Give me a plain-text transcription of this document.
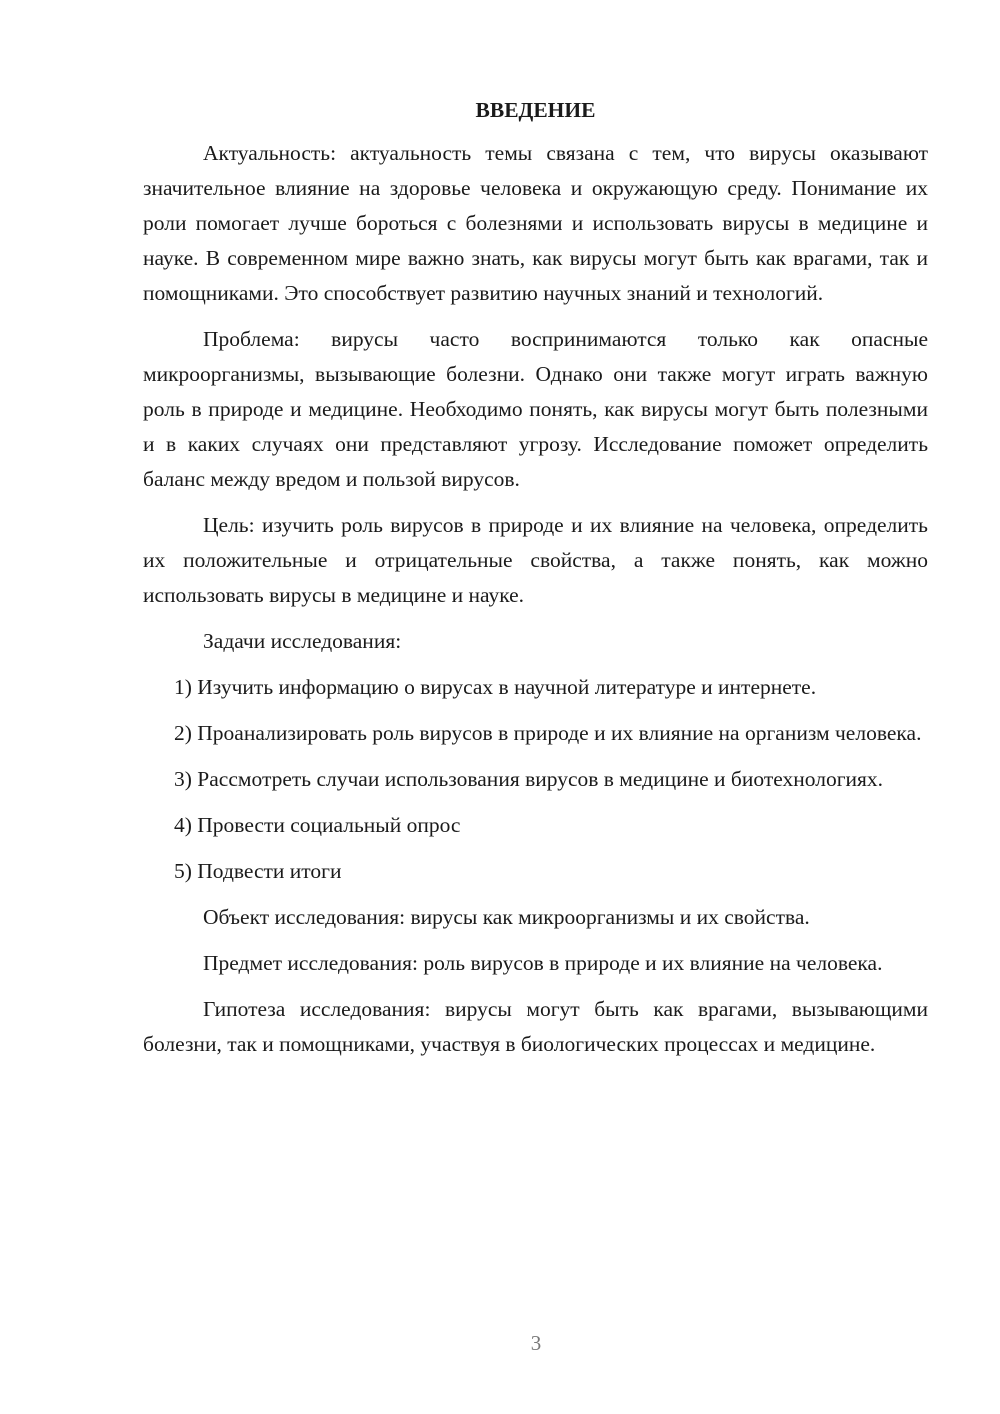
ВВЕДЕНИЕ

Актуальность: актуальность темы связана с тем, что вирусы оказывают значительное влияние на здоровье человека и окружающую среду. Понимание их роли помогает лучше бороться с болезнями и использовать вирусы в медицине и науке. В современном мире важно знать, как вирусы могут быть как врагами, так и помощниками. Это способствует развитию научных знаний и технологий.

Проблема: вирусы часто воспринимаются только как опасные микроорганизмы, вызывающие болезни. Однако они также могут играть важную роль в природе и медицине. Необходимо понять, как вирусы могут быть полезными и в каких случаях они представляют угрозу. Исследование поможет определить баланс между вредом и пользой вирусов.

Цель: изучить роль вирусов в природе и их влияние на человека, определить их положительные и отрицательные свойства, а также понять, как можно использовать вирусы в медицине и науке.

Задачи исследования:

1) Изучить информацию о вирусах в научной литературе и интернете.

2) Проанализировать роль вирусов в природе и их влияние на организм человека.

3) Рассмотреть случаи использования вирусов в медицине и биотехнологиях.

4) Провести социальный опрос

5) Подвести итоги

Объект исследования: вирусы как микроорганизмы и их свойства.

Предмет исследования: роль вирусов в природе и их влияние на человека.

Гипотеза исследования: вирусы могут быть как врагами, вызывающими болезни, так и помощниками, участвуя в биологических процессах и медицине.

3
